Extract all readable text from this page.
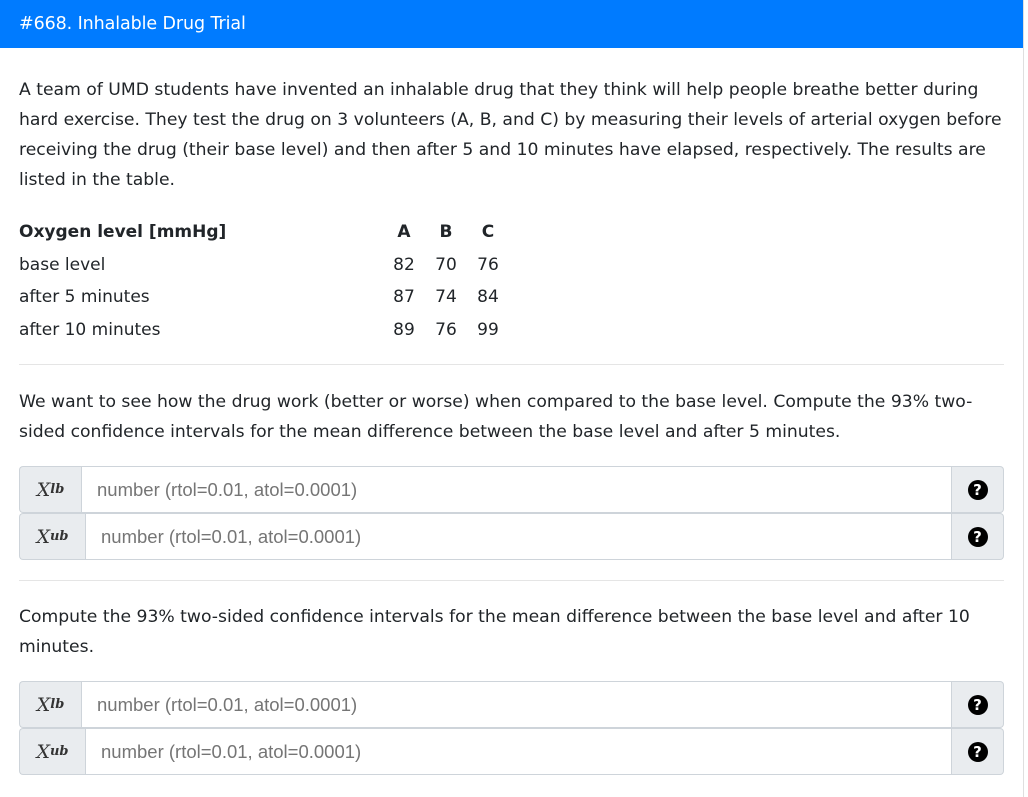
#668. Inhalable Drug Trial

A team of UMD students have invented an inhalable drug that they think will help people breathe better during hard exercise. They test the drug on 3 volunteers (A, B, and C) by measuring their levels of arterial oxygen before receiving the drug (their base level) and then after 5 and 10 minutes have elapsed, respectively. The results are listed in the table.

Oxygen level [mmHg]	A	B	C
base level	82	70	76
after 5 minutes	87	74	84
after 10 minutes	89	76	99

We want to see how the drug work (better or worse) when compared to the base level. Compute the 93% two-sided confidence intervals for the mean difference between the base level and after 5 minutes.

X lb
number (rtol=0.01, atol=0.0001)	?
X ub
number (rtol=0.01, atol=0.0001)	?

Compute the 93% two-sided confidence intervals for the mean difference between the base level and after 10 minutes.

X lb
number (rtol=0.01, atol=0.0001)	?
X ub
number (rtol=0.01, atol=0.0001)	?
